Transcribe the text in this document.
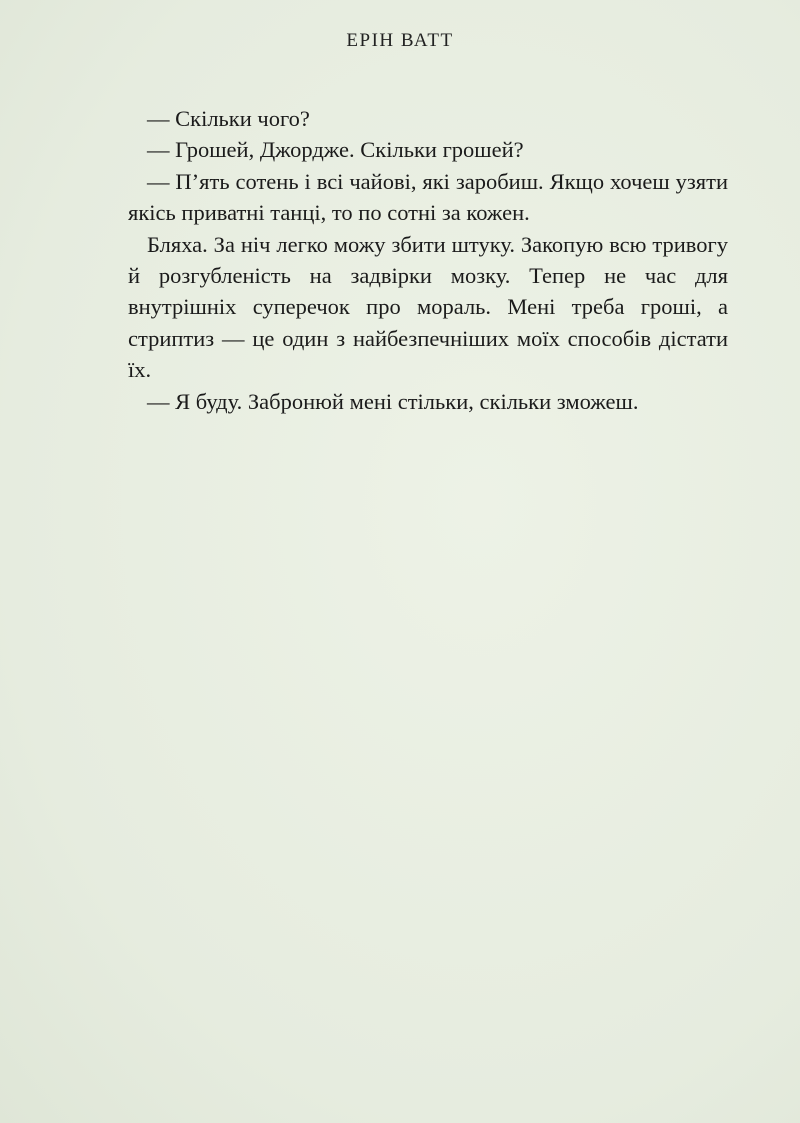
ЕРІН ВАТТ

— Скільки чого?

— Грошей, Джордже. Скільки грошей?

— П’ять сотень і всі чайові, які заробиш. Якщо хочеш узяти якісь приватні танці, то по сотні за кожен.

Бляха. За ніч легко можу збити штуку. Закопую всю тривогу й розгубленість на задвірки мозку. Тепер не час для внутрішніх суперечок про мораль. Мені треба гроші, а стриптиз — це один з найбезпечніших моїх способів дістати їх.

— Я буду. Забронюй мені стільки, скільки зможеш.
